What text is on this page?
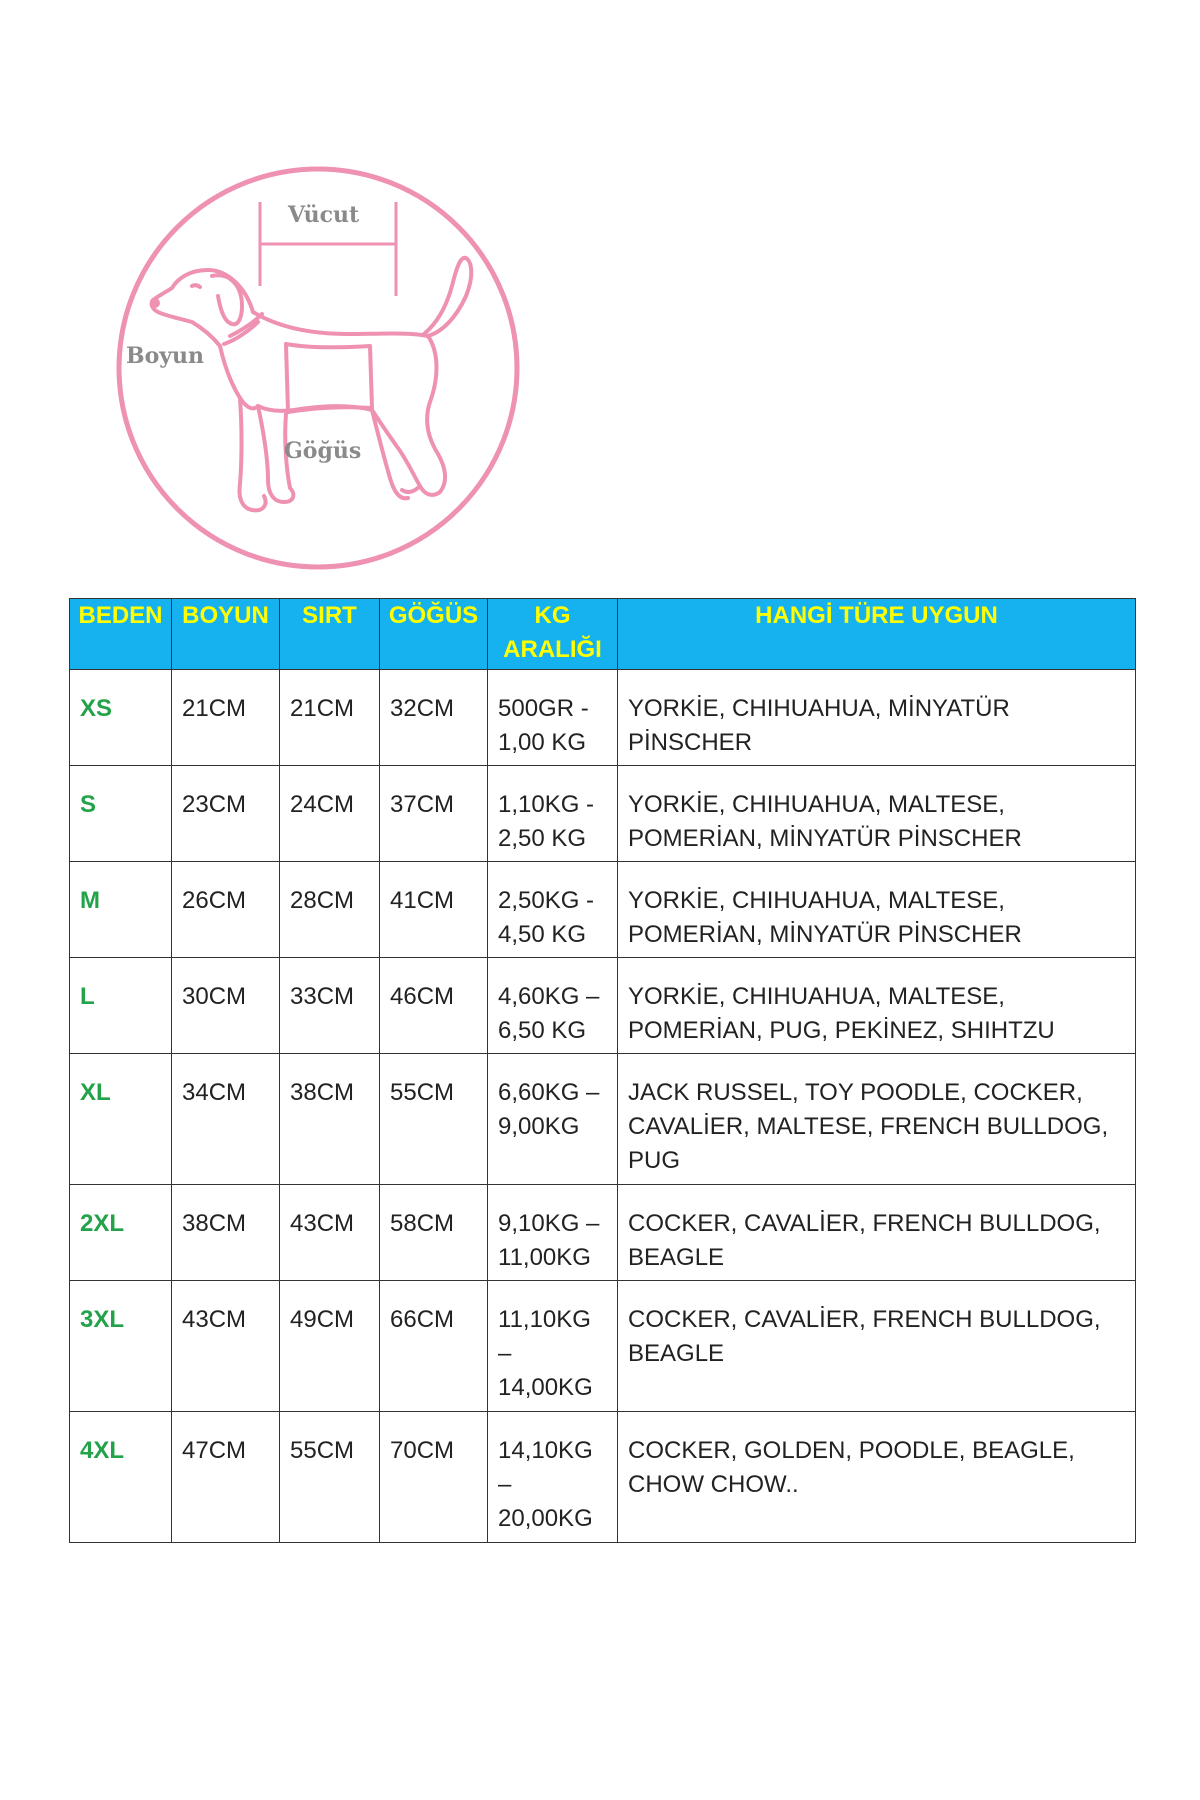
Vücut
Boyun
Göğüs
BEDEN	BOYUN	SIRT	GÖĞÜS	KG ARALIĞI	HANGİ TÜRE UYGUN
XS	21CM	21CM	32CM	500GR - 1,00 KG	YORKİE, CHIHUAHUA, MİNYATÜR PİNSCHER
S	23CM	24CM	37CM	1,10KG - 2,50 KG	YORKİE, CHIHUAHUA, MALTESE, POMERİAN, MİNYATÜR PİNSCHER
M	26CM	28CM	41CM	2,50KG - 4,50 KG	YORKİE, CHIHUAHUA, MALTESE, POMERİAN, MİNYATÜR PİNSCHER
L	30CM	33CM	46CM	4,60KG – 6,50 KG	YORKİE, CHIHUAHUA, MALTESE, POMERİAN, PUG, PEKİNEZ, SHIHTZU
XL	34CM	38CM	55CM	6,60KG – 9,00KG	JACK RUSSEL, TOY POODLE, COCKER, CAVALİER, MALTESE, FRENCH BULLDOG, PUG
2XL	38CM	43CM	58CM	9,10KG – 11,00KG	COCKER, CAVALİER, FRENCH BULLDOG, BEAGLE
3XL	43CM	49CM	66CM	11,10KG – 14,00KG	COCKER, CAVALİER, FRENCH BULLDOG, BEAGLE
4XL	47CM	55CM	70CM	14,10KG – 20,00KG	COCKER, GOLDEN, POODLE, BEAGLE, CHOW CHOW..
